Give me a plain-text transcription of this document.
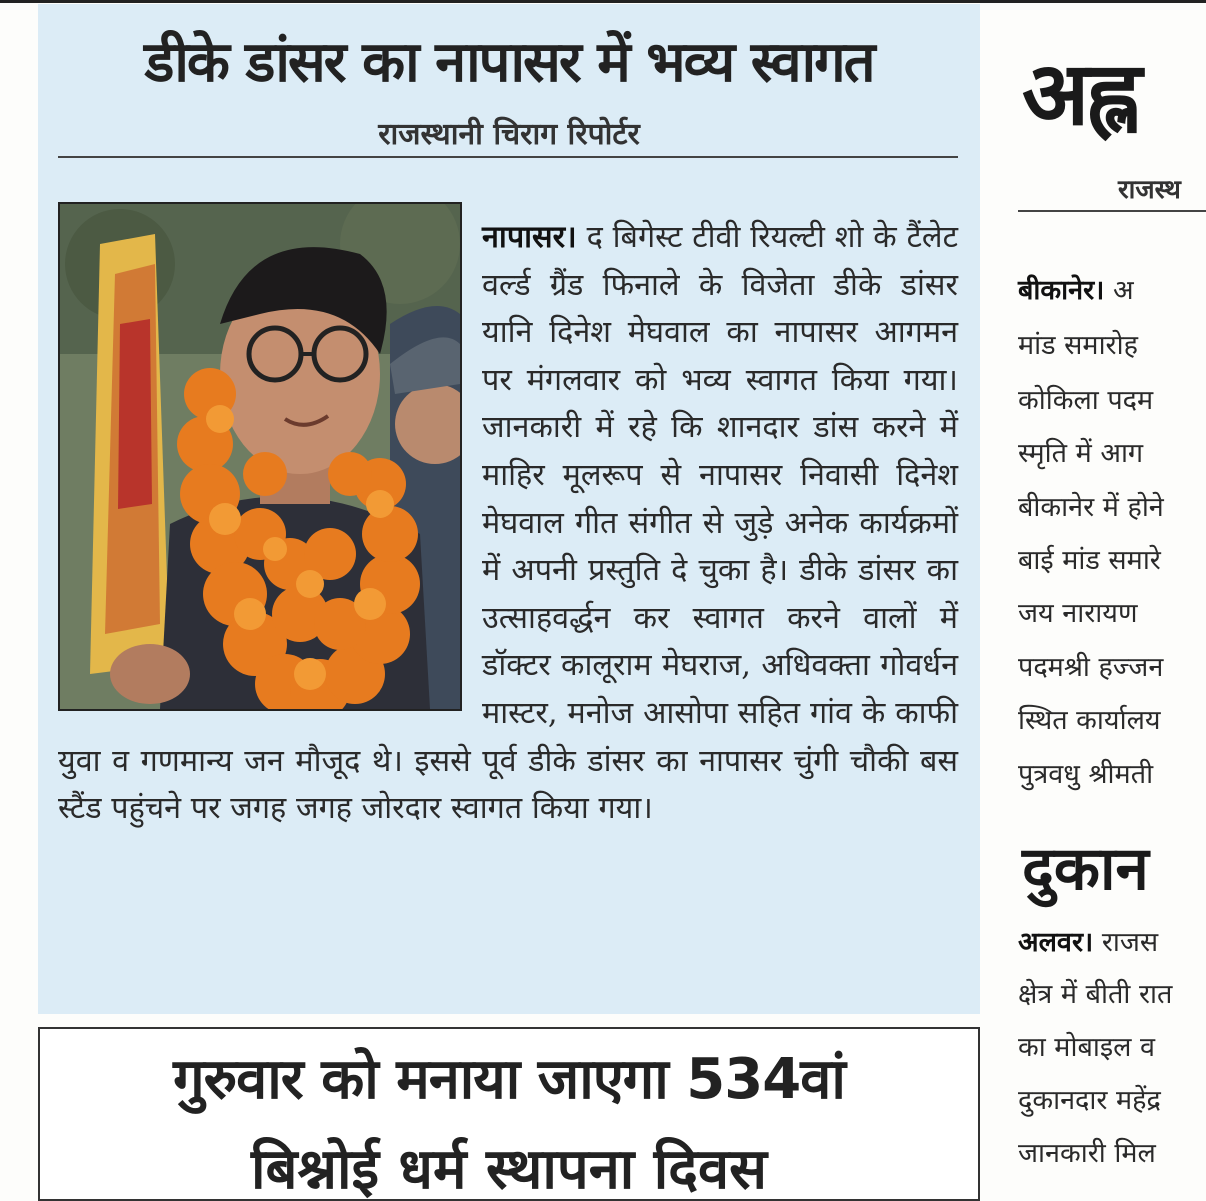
डीके डांसर का नापासर में भव्य स्वागत
राजस्थानी चिराग रिपोर्टर
नापासर। द बिगेस्ट टीवी रियल्टी शो के टैंलेट वर्ल्ड ग्रैंड फिनाले के विजेता डीके डांसर यानि दिनेश मेघवाल का नापासर आगमन पर मंगलवार को भव्य स्वागत किया गया। जानकारी में रहे कि शानदार डांस करने में माहिर मूलरूप से नापासर निवासी दिनेश मेघवाल गीत संगीत से जुड़े अनेक कार्यक्रमों में अपनी प्रस्तुति दे चुका है। डीके डांसर का उत्साहवर्द्धन कर स्वागत करने वालों में डॉक्टर कालूराम मेघराज, अधिवक्ता गोवर्धन मास्टर, मनोज आसोपा सहित गांव के काफी युवा व गणमान्य जन मौजूद थे। इससे पूर्व डीके डांसर का नापासर चुंगी चौकी बस स्टैंड पहुंचने पर जगह जगह जोरदार स्वागत किया गया।
गुरुवार को मनाया जाएगा 534वां
बिश्नोई धर्म स्थापना दिवस
अह्ल
राजस्थ
बीकानेर। अ
मांड समारोह
कोकिला पदम
स्मृति में आग
बीकानेर में होने
बाई मांड समारे
जय नारायण
पदमश्री हज्जन
स्थित कार्यालय
पुत्रवधु श्रीमती
दुकान
अलवर। राजस
क्षेत्र में बीती रात
का मोबाइल व
दुकानदार महेंद्र
जानकारी मिल
